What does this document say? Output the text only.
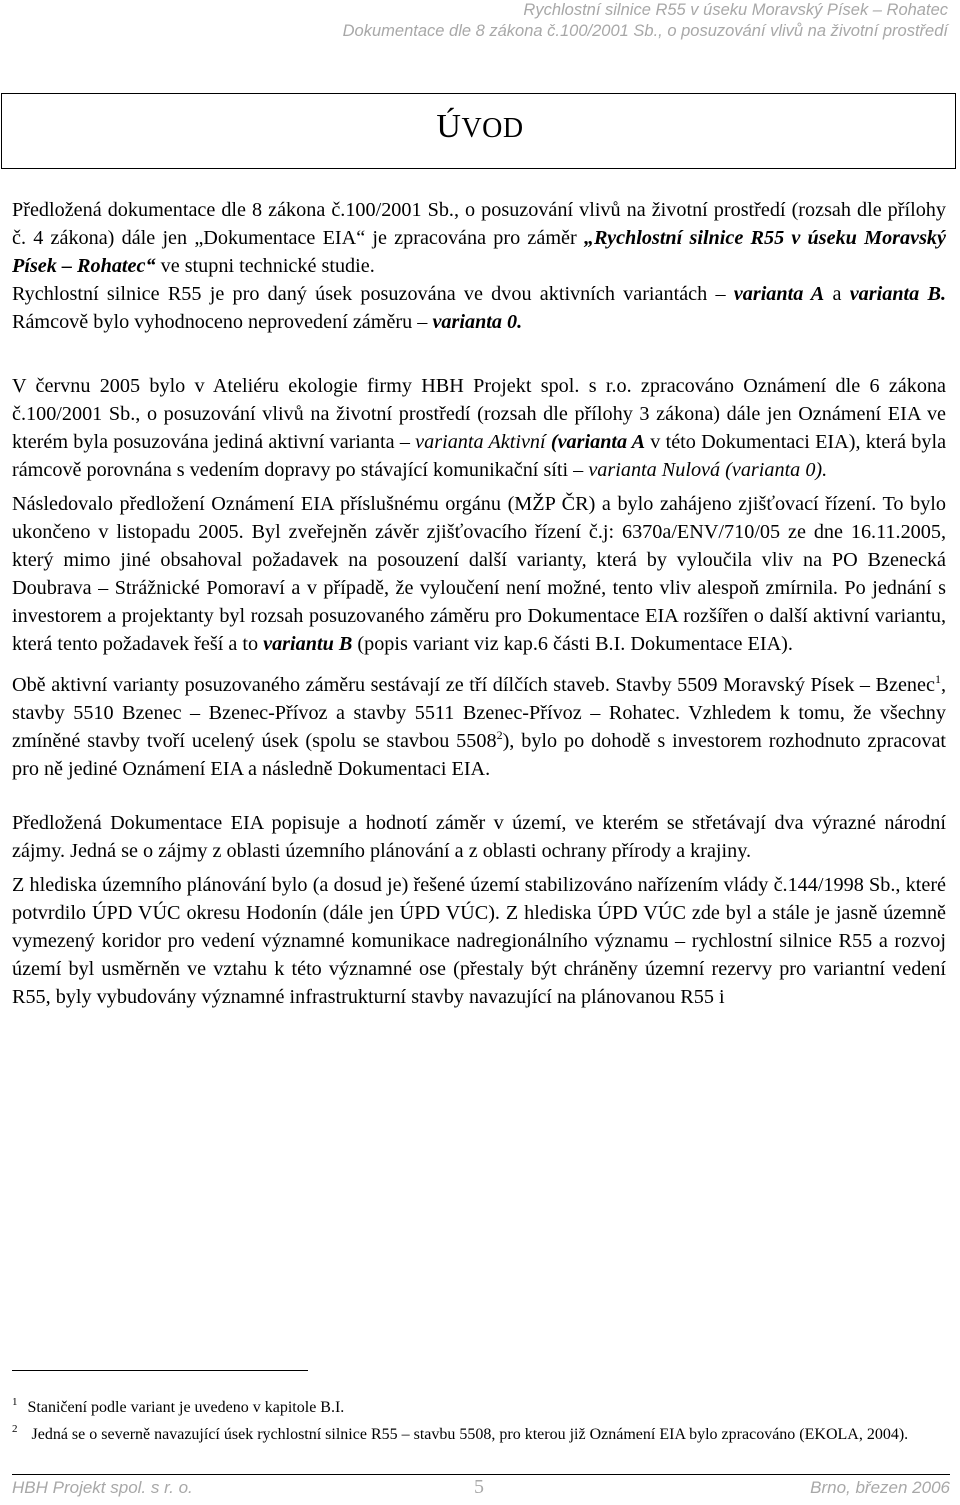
Rychlostní silnice R55 v úseku Moravský Písek – Rohatec
Dokumentace dle 8 zákona č.100/2001 Sb., o posuzování vlivů na životní prostředí
ÚVOD

Předložená dokumentace dle 8 zákona č.100/2001 Sb., o posuzování vlivů na životní prostředí (rozsah dle přílohy č. 4 zákona) dále jen „Dokumentace EIA“ je zpracována pro záměr „Rychlostní silnice R55 v úseku Moravský Písek – Rohatec“ ve stupni technické studie.

Rychlostní silnice R55 je pro daný úsek posuzována ve dvou aktivních variantách – varianta A a varianta B. Rámcově bylo vyhodnoceno neprovedení záměru – varianta 0.

V červnu 2005 bylo v Ateliéru ekologie firmy HBH Projekt spol. s r.o. zpracováno Oznámení dle 6 zákona č.100/2001 Sb., o posuzování vlivů na životní prostředí (rozsah dle přílohy 3 zákona) dále jen Oznámení EIA ve kterém byla posuzována jediná aktivní varianta – varianta Aktivní (varianta A v této Dokumentaci EIA), která byla rámcově porovnána s vedením dopravy po stávající komunikační síti – varianta Nulová (varianta 0).

Následovalo předložení Oznámení EIA příslušnému orgánu (MŽP ČR) a bylo zahájeno zjišťovací řízení. To bylo ukončeno v listopadu 2005. Byl zveřejněn závěr zjišťovacího řízení č.j: 6370a/ENV/710/05 ze dne 16.11.2005, který mimo jiné obsahoval požadavek na posouzení další varianty, která by vyloučila vliv na PO Bzenecká Doubrava – Strážnické Pomoraví a v případě, že vyloučení není možné, tento vliv alespoň zmírnila. Po jednání s investorem a projektanty byl rozsah posuzovaného záměru pro Dokumentace EIA rozšířen o další aktivní variantu, která tento požadavek řeší a to variantu B (popis variant viz kap.6 části B.I. Dokumentace EIA).

Obě aktivní varianty posuzovaného záměru sestávají ze tří dílčích staveb. Stavby 5509 Moravský Písek – Bzenec$^1$, stavby 5510 Bzenec – Bzenec-Přívoz a stavby 5511 Bzenec-Přívoz – Rohatec. Vzhledem k tomu, že všechny zmíněné stavby tvoří ucelený úsek (spolu se stavbou 5508$^2$), bylo po dohodě s investorem rozhodnuto zpracovat pro ně jediné Oznámení EIA a následně Dokumentaci EIA.

Předložená Dokumentace EIA popisuje a hodnotí záměr v území, ve kterém se střetávají dva výrazné národní zájmy. Jedná se o zájmy z oblasti územního plánování a z oblasti ochrany přírody a krajiny.

Z hlediska územního plánování bylo (a dosud je) řešené území stabilizováno nařízením vlády č.144/1998 Sb., které potvrdilo ÚPD VÚC okresu Hodonín (dále jen ÚPD VÚC). Z hlediska ÚPD VÚC zde byl a stále je jasně územně vymezený koridor pro vedení významné komunikace nadregionálního významu – rychlostní silnice R55 a rozvoj území byl usměrněn ve vztahu k této významné ose (přestaly být chráněny územní rezervy pro variantní vedení R55, byly vybudovány významné infrastrukturní stavby navazující na plánovanou R55 i

$^1$ Staničení podle variant je uvedeno v kapitole B.I.
$^2$ Jedná se o severně navazující úsek rychlostní silnice R55 – stavbu 5508, pro kterou již Oznámení EIA bylo zpracováno (EKOLA, 2004).
HBH Projekt spol. s r. o.	5	Brno, březen 2006
